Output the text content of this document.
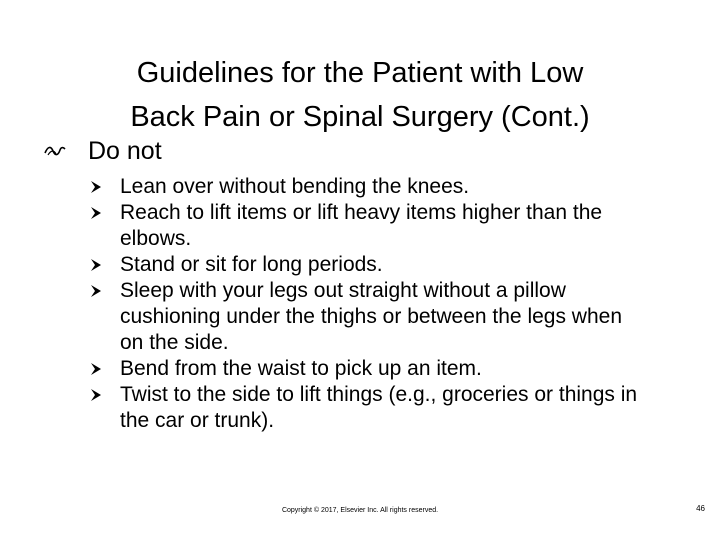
Guidelines for the Patient with Low
Back Pain or Spinal Surgery (Cont.)
Do not
Lean over without bending the knees.
Reach to lift items or lift heavy items higher than the elbows.
Stand or sit for long periods.
Sleep with your legs out straight without a pillow cushioning under the thighs or between the legs when on the side.
Bend from the waist to pick up an item.
Twist to the side to lift things (e.g., groceries or things in the car or trunk).
Copyright © 2017, Elsevier Inc. All rights reserved.	46
